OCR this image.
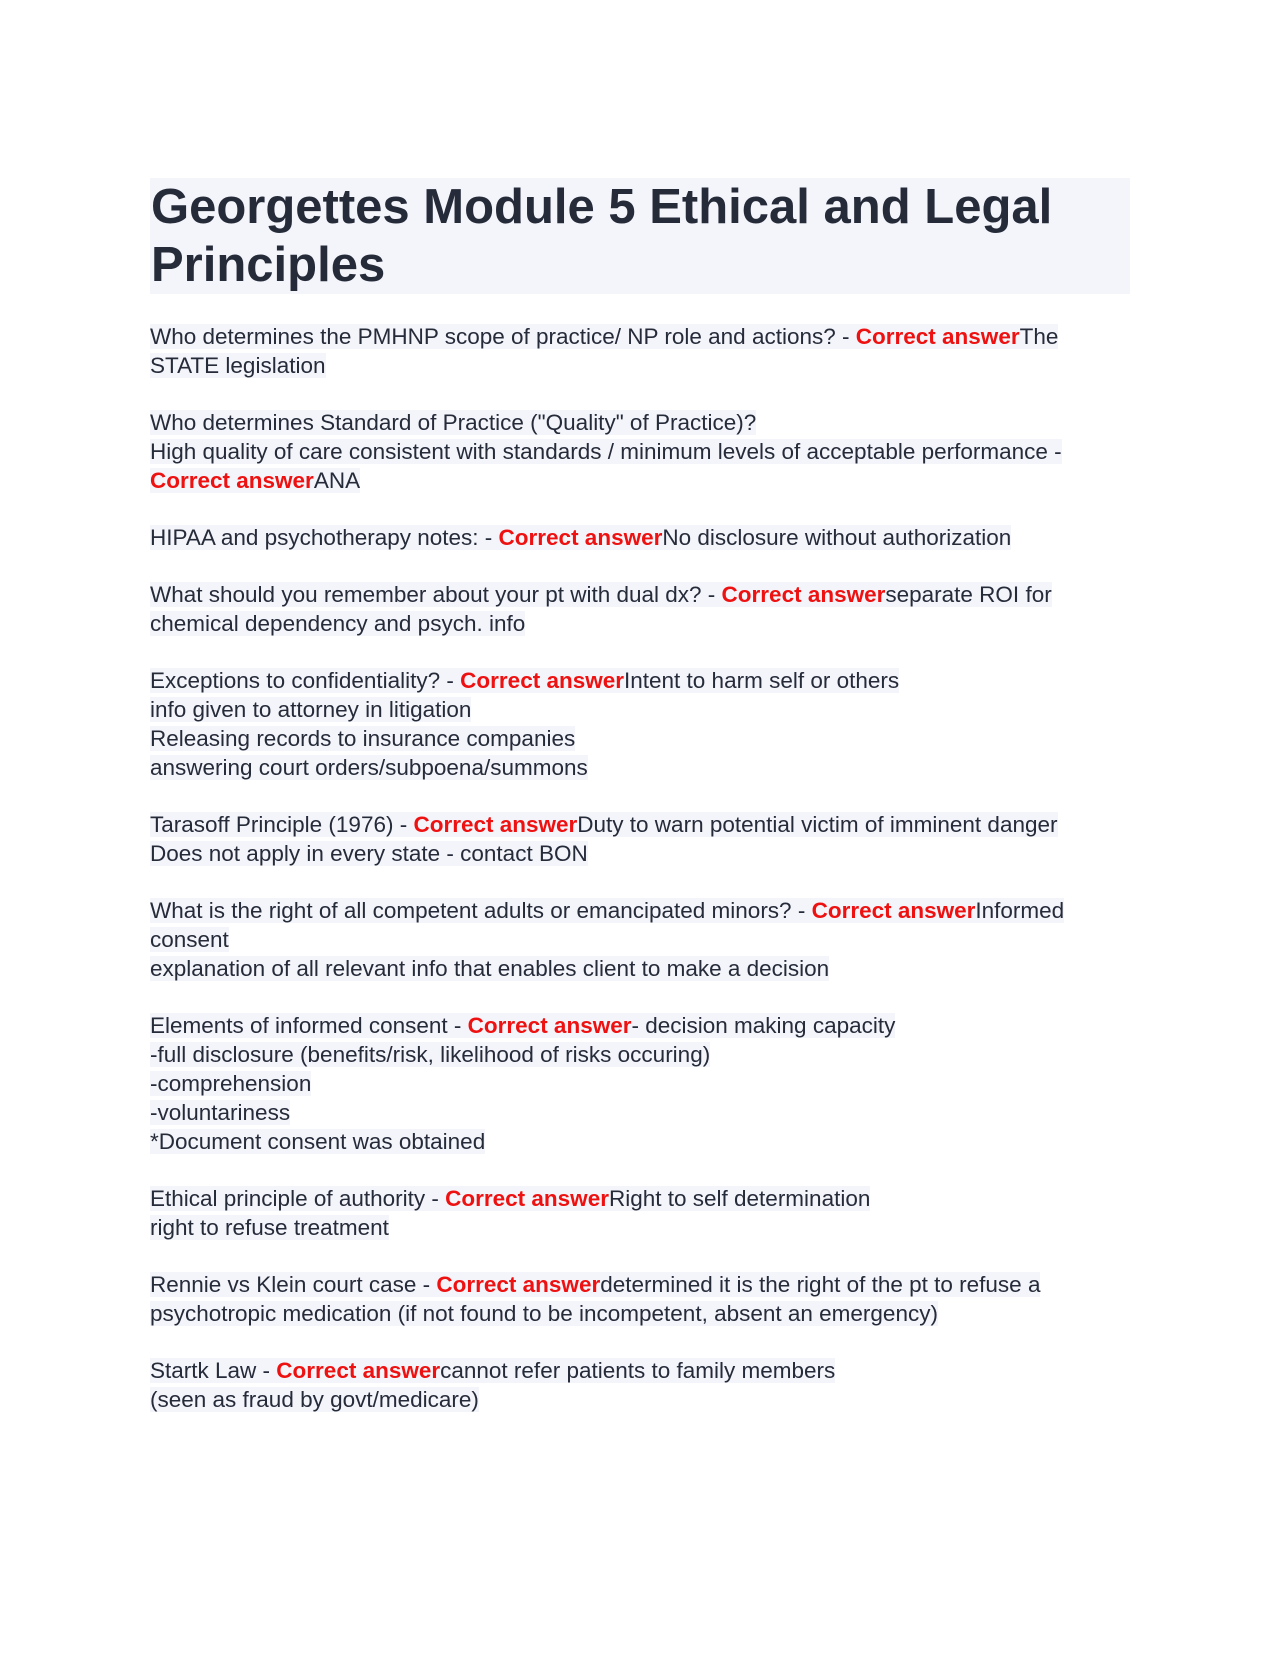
Georgettes Module 5 Ethical and Legal Principles
Who determines the PMHNP scope of practice/ NP role and actions? - Correct answerThe STATE legislation
Who determines Standard of Practice ("Quality" of Practice)?
High quality of care consistent with standards / minimum levels of acceptable performance - Correct answerANA
HIPAA and psychotherapy notes: - Correct answerNo disclosure without authorization
What should you remember about your pt with dual dx? - Correct answerseparate ROI for chemical dependency and psych. info
Exceptions to confidentiality? - Correct answerIntent to harm self or others
info given to attorney in litigation
Releasing records to insurance companies
answering court orders/subpoena/summons
Tarasoff Principle (1976) - Correct answerDuty to warn potential victim of imminent danger
Does not apply in every state - contact BON
What is the right of all competent adults or emancipated minors? - Correct answerInformed consent
explanation of all relevant info that enables client to make a decision
Elements of informed consent - Correct answer- decision making capacity
-full disclosure (benefits/risk, likelihood of risks occuring)
-comprehension
-voluntariness
*Document consent was obtained
Ethical principle of authority - Correct answerRight to self determination
right to refuse treatment
Rennie vs Klein court case - Correct answerdetermined it is the right of the pt to refuse a psychotropic medication (if not found to be incompetent, absent an emergency)
Startk Law - Correct answercannot refer patients to family members
(seen as fraud by govt/medicare)
